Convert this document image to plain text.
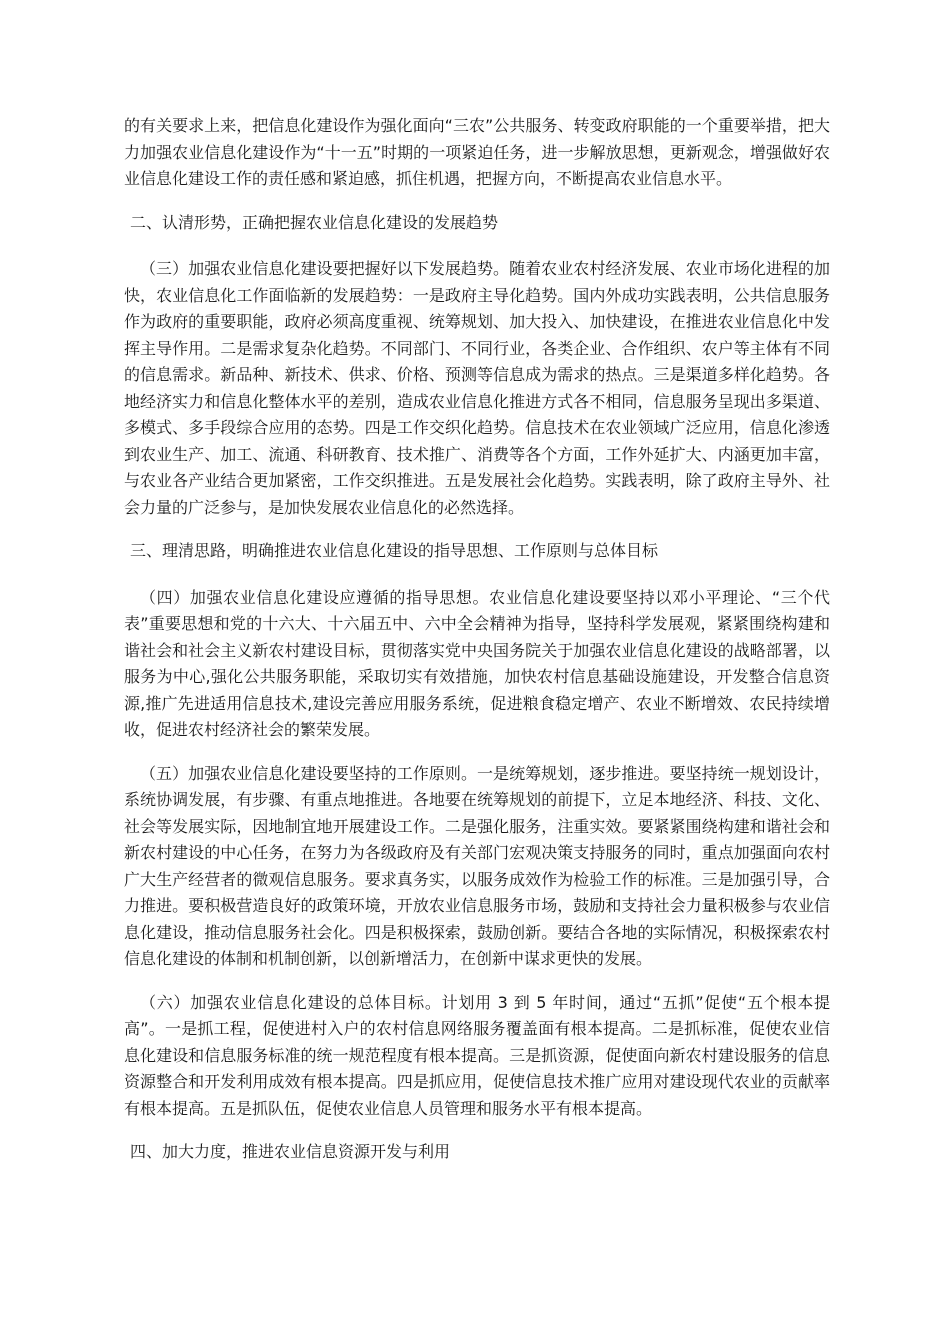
的有关要求上来，把信息化建设作为强化面向“三农”公共服务、转变政府职能的一个重要举措，把大力加强农业信息化建设作为“十一五”时期的一项紧迫任务，进一步解放思想，更新观念，增强做好农业信息化建设工作的责任感和紧迫感，抓住机遇，把握方向，不断提高农业信息水平。

二、认清形势，正确把握农业信息化建设的发展趋势

（三）加强农业信息化建设要把握好以下发展趋势。随着农业农村经济发展、农业市场化进程的加快，农业信息化工作面临新的发展趋势：一是政府主导化趋势。国内外成功实践表明，公共信息服务作为政府的重要职能，政府必须高度重视、统筹规划、加大投入、加快建设，在推进农业信息化中发挥主导作用。二是需求复杂化趋势。不同部门、不同行业，各类企业、合作组织、农户等主体有不同的信息需求。新品种、新技术、供求、价格、预测等信息成为需求的热点。三是渠道多样化趋势。各地经济实力和信息化整体水平的差别，造成农业信息化推进方式各不相同，信息服务呈现出多渠道、多模式、多手段综合应用的态势。四是工作交织化趋势。信息技术在农业领域广泛应用，信息化渗透到农业生产、加工、流通、科研教育、技术推广、消费等各个方面，工作外延扩大、内涵更加丰富，与农业各产业结合更加紧密，工作交织推进。五是发展社会化趋势。实践表明，除了政府主导外、社会力量的广泛参与，是加快发展农业信息化的必然选择。

三、理清思路，明确推进农业信息化建设的指导思想、工作原则与总体目标

（四）加强农业信息化建设应遵循的指导思想。农业信息化建设要坚持以邓小平理论、“三个代表”重要思想和党的十六大、十六届五中、六中全会精神为指导，坚持科学发展观，紧紧围绕构建和谐社会和社会主义新农村建设目标，贯彻落实党中央国务院关于加强农业信息化建设的战略部署，以服务为中心,强化公共服务职能，采取切实有效措施，加快农村信息基础设施建设，开发整合信息资源,推广先进适用信息技术,建设完善应用服务系统，促进粮食稳定增产、农业不断增效、农民持续增收，促进农村经济社会的繁荣发展。

（五）加强农业信息化建设要坚持的工作原则。一是统筹规划，逐步推进。要坚持统一规划设计，系统协调发展，有步骤、有重点地推进。各地要在统筹规划的前提下，立足本地经济、科技、文化、社会等发展实际，因地制宜地开展建设工作。二是强化服务，注重实效。要紧紧围绕构建和谐社会和新农村建设的中心任务，在努力为各级政府及有关部门宏观决策支持服务的同时，重点加强面向农村广大生产经营者的微观信息服务。要求真务实，以服务成效作为检验工作的标准。三是加强引导，合力推进。要积极营造良好的政策环境，开放农业信息服务市场，鼓励和支持社会力量积极参与农业信息化建设，推动信息服务社会化。四是积极探索，鼓励创新。要结合各地的实际情况，积极探索农村信息化建设的体制和机制创新，以创新增活力，在创新中谋求更快的发展。

（六）加强农业信息化建设的总体目标。计划用 3 到 5 年时间，通过“五抓”促使“五个根本提高”。一是抓工程，促使进村入户的农村信息网络服务覆盖面有根本提高。二是抓标准，促使农业信息化建设和信息服务标准的统一规范程度有根本提高。三是抓资源，促使面向新农村建设服务的信息资源整合和开发利用成效有根本提高。四是抓应用，促使信息技术推广应用对建设现代农业的贡献率有根本提高。五是抓队伍，促使农业信息人员管理和服务水平有根本提高。

四、加大力度，推进农业信息资源开发与利用
